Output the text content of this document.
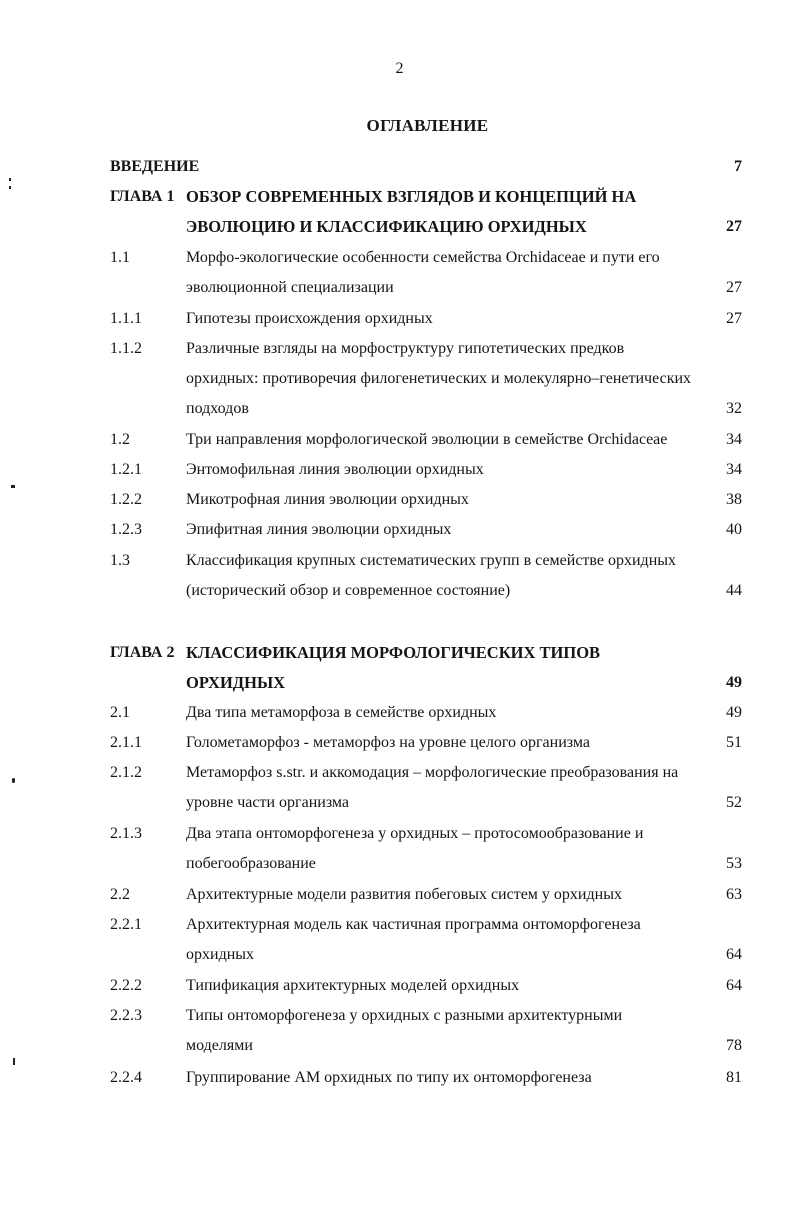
2
ОГЛАВЛЕНИЕ
ВВЕДЕНИЕ	7
ГЛАВА 1 ОБЗОР СОВРЕМЕННЫХ ВЗГЛЯДОВ И КОНЦЕПЦИЙ НА ЭВОЛЮЦИЮ И КЛАССИФИКАЦИЮ ОРХИДНЫХ	27
1.1	Морфо-экологические особенности семейства Orchidaceae и пути его эволюционной специализации	27
1.1.1	Гипотезы происхождения орхидных	27
1.1.2	Различные взгляды на морфоструктуру гипотетических предков орхидных: противоречия филогенетических и молекулярно–генетических подходов	32
1.2	Три направления морфологической эволюции в семействе Orchidaceae	34
1.2.1	Энтомофильная линия эволюции орхидных	34
1.2.2	Микотрофная линия эволюции орхидных	38
1.2.3	Эпифитная линия эволюции орхидных	40
1.3	Классификация крупных систематических групп в семействе орхидных (исторический обзор и современное состояние)	44
ГЛАВА 2 КЛАССИФИКАЦИЯ МОРФОЛОГИЧЕСКИХ ТИПОВ ОРХИДНЫХ	49
2.1	Два типа метаморфоза в семействе орхидных	49
2.1.1	Голометаморфоз - метаморфоз на уровне целого организма	51
2.1.2	Метаморфоз s.str. и аккомодация – морфологические преобразования на уровне части организма	52
2.1.3	Два этапа онтоморфогенеза у орхидных – протосомообразование и побегообразование	53
2.2	Архитектурные модели развития побеговых систем у орхидных	63
2.2.1	Архитектурная модель как частичная программа онтоморфогенеза орхидных	64
2.2.2	Типификация архитектурных моделей орхидных	64
2.2.3	Типы онтоморфогенеза у орхидных с разными архитектурными моделями	78
2.2.4	Группирование АМ орхидных по типу их онтоморфогенеза	81
